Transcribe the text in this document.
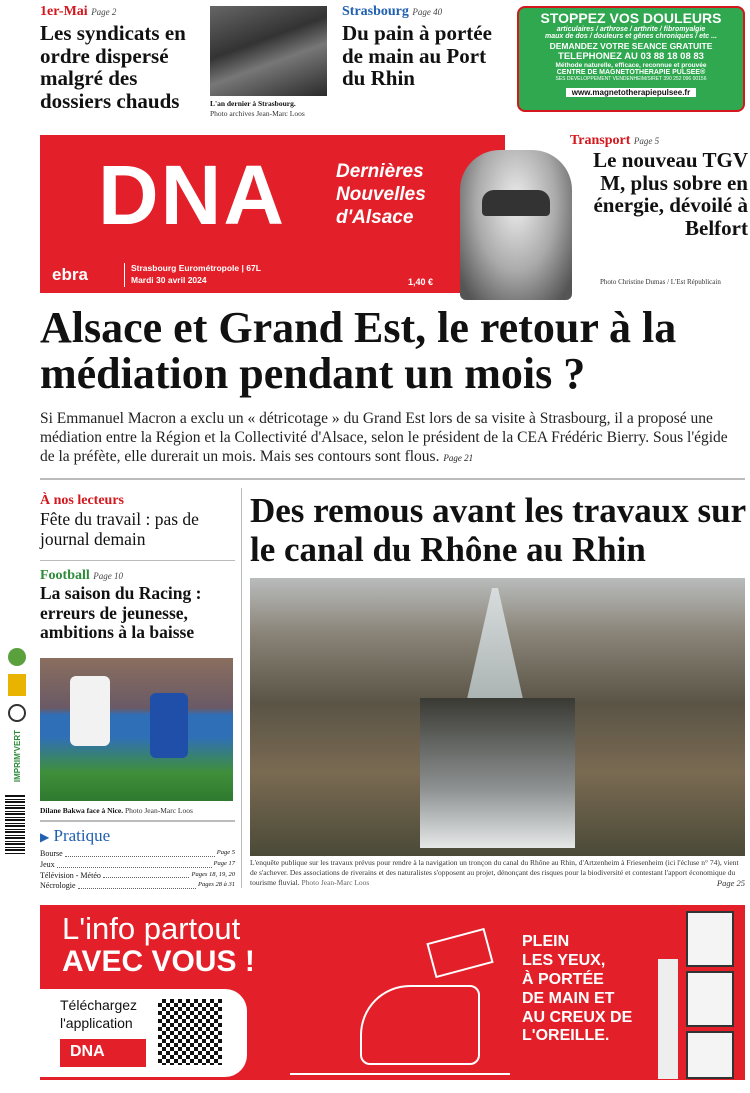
IMPRIM'VERT
1er-Mai Page 2
Les syndicats en ordre dispersé malgré des dossiers chauds	L'an dernier à Strasbourg.
Photo archives Jean-Marc Loos
Strasbourg Page 40
Du pain à portée de main au Port du Rhin
STOPPEZ VOS DOULEURS
articulaires / arthrose / arthrite / fibromyalgie
maux de dos / douleurs et gênes chroniques / etc ...
DEMANDEZ VOTRE SEANCE GRATUITE
TELEPHONEZ AU 03 88 18 08 83
Méthode naturelle, efficace, reconnue et prouvée
CENTRE DE MAGNETOTHERAPIE PULSEE®
SES DEVELOPPEMENT VENDENHEIM/SIRET 390 252 096 00156
www.magnetotherapiepulsee.fr
DNA	Dernières
Nouvelles
d'Alsace
ebra	Strasbourg Eurométropole | 67L
Mardi 30 avril 2024	1,40 €
Transport Page 5
Le nouveau TGV M, plus sobre en énergie, dévoilé à Belfort
Photo Christine Dumas / L'Est Républicain
Alsace et Grand Est, le retour à la médiation pendant un mois ?
Si Emmanuel Macron a exclu un « détricotage » du Grand Est lors de sa visite à Strasbourg, il a proposé une médiation entre la Région et la Collectivité d'Alsace, selon le président de la CEA Frédéric Bierry. Sous l'égide de la préfète, elle durerait un mois. Mais ses contours sont flous. Page 21
À nos lecteurs
Fête du travail : pas de journal demain
Football Page 10
La saison du Racing : erreurs de jeunesse, ambitions à la baisse
Dilane Bakwa face à Nice. Photo Jean-Marc Loos
▶ Pratique
Bourse	Page 5
Jeux	Page 17
Télévision - Météo	Pages 18, 19, 20
Nécrologie	Pages 28 à 31
Des remous avant les travaux sur le canal du Rhône au Rhin
L'enquête publique sur les travaux prévus pour rendre à la navigation un tronçon du canal du Rhône au Rhin, d'Artzenheim à Friesenheim (ici l'écluse n° 74), vient de s'achever. Des associations de riverains et des naturalistes s'opposent au projet, dénonçant des risques pour la biodiversité et contestant l'apport économique du tourisme fluvial. Photo Jean-Marc Loos	Page 25
L'info partout
AVEC VOUS !
Téléchargez
l'application
DNA
PLEIN
LES YEUX,
À PORTÉE
DE MAIN ET
AU CREUX DE
L'OREILLE.
